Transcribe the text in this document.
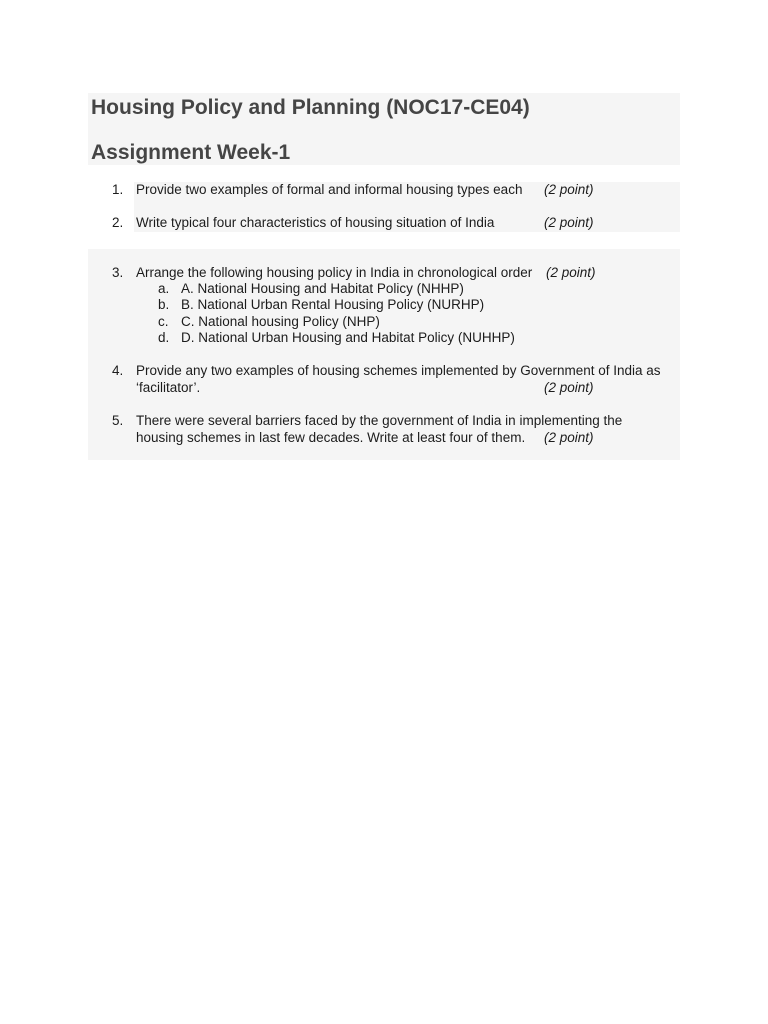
Housing Policy and Planning (NOC17-CE04)
Assignment Week-1
1. Provide two examples of formal and informal housing types each (2 point)
2. Write typical four characteristics of housing situation of India	(2 point)
3. Arrange the following housing policy in India in chronological order (2 point)
a. A. National Housing and Habitat Policy (NHHP)
b. B. National Urban Rental Housing Policy (NURHP)
c. C. National housing Policy (NHP)
d. D. National Urban Housing and Habitat Policy (NUHHP)
4. Provide any two examples of housing schemes implemented by Government of India as
‘facilitator’.	(2 point)
5. There were several barriers faced by the government of India in implementing the
housing schemes in last few decades. Write at least four of them. (2 point)
